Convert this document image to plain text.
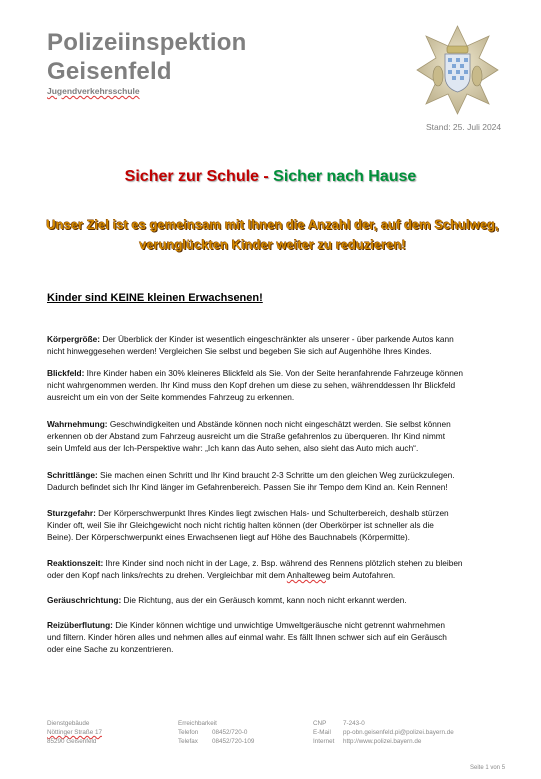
Polizeiinspektion
Geisenfeld
Jugendverkehrsschule
Stand: 25. Juli 2024
Sicher zur Schule - Sicher nach Hause
Unser Ziel ist es gemeinsam mit Ihnen die Anzahl der, auf dem Schulweg,
verunglückten Kinder weiter zu reduzieren!
Kinder sind KEINE kleinen Erwachsenen!
Körpergröße: Der Überblick der Kinder ist wesentlich eingeschränkter als unserer - über parkende Autos kann
nicht hinweggesehen werden! Vergleichen Sie selbst und begeben Sie sich auf Augenhöhe Ihres Kindes.
Blickfeld: Ihre Kinder haben ein 30% kleineres Blickfeld als Sie. Von der Seite heranfahrende Fahrzeuge können
nicht wahrgenommen werden. Ihr Kind muss den Kopf drehen um diese zu sehen, währenddessen Ihr Blickfeld
ausreicht um ein von der Seite kommendes Fahrzeug zu erkennen.
Wahrnehmung: Geschwindigkeiten und Abstände können noch nicht eingeschätzt werden. Sie selbst können
erkennen ob der Abstand zum Fahrzeug ausreicht um die Straße gefahrenlos zu überqueren. Ihr Kind nimmt
sein Umfeld aus der Ich-Perspektive wahr: „Ich kann das Auto sehen, also sieht das Auto mich auch“.
Schrittlänge: Sie machen einen Schritt und Ihr Kind braucht 2-3 Schritte um den gleichen Weg zurückzulegen.
Dadurch befindet sich Ihr Kind länger im Gefahrenbereich. Passen Sie ihr Tempo dem Kind an. Kein Rennen!
Sturzgefahr: Der Körperschwerpunkt Ihres Kindes liegt zwischen Hals- und Schulterbereich, deshalb stürzen
Kinder oft, weil Sie ihr Gleichgewicht noch nicht richtig halten können (der Oberkörper ist schneller als die
Beine). Der Körperschwerpunkt eines Erwachsenen liegt auf Höhe des Bauchnabels (Körpermitte).
Reaktionszeit: Ihre Kinder sind noch nicht in der Lage, z. Bsp. während des Rennens plötzlich stehen zu bleiben
oder den Kopf nach links/rechts zu drehen. Vergleichbar mit dem Anhalteweg beim Autofahren.
Geräuschrichtung: Die Richtung, aus der ein Geräusch kommt, kann noch nicht erkannt werden.
Reizüberflutung: Die Kinder können wichtige und unwichtige Umweltgeräusche nicht getrennt wahrnehmen
und filtern. Kinder hören alles und nehmen alles auf einmal wahr. Es fällt Ihnen schwer sich auf ein Geräusch
oder eine Sache zu konzentrieren.
Dienstgebäude
Nöttinger Straße 17
85290 Geisenfeld
Erreichbarkeit
Telefon
Telefax

08452/720-0
08452/720-109
CNP
E-Mail
Internet
7-243-0
pp-obn.geisenfeld.pi@polizei.bayern.de
http://www.polizei.bayern.de
Seite 1 von 5
